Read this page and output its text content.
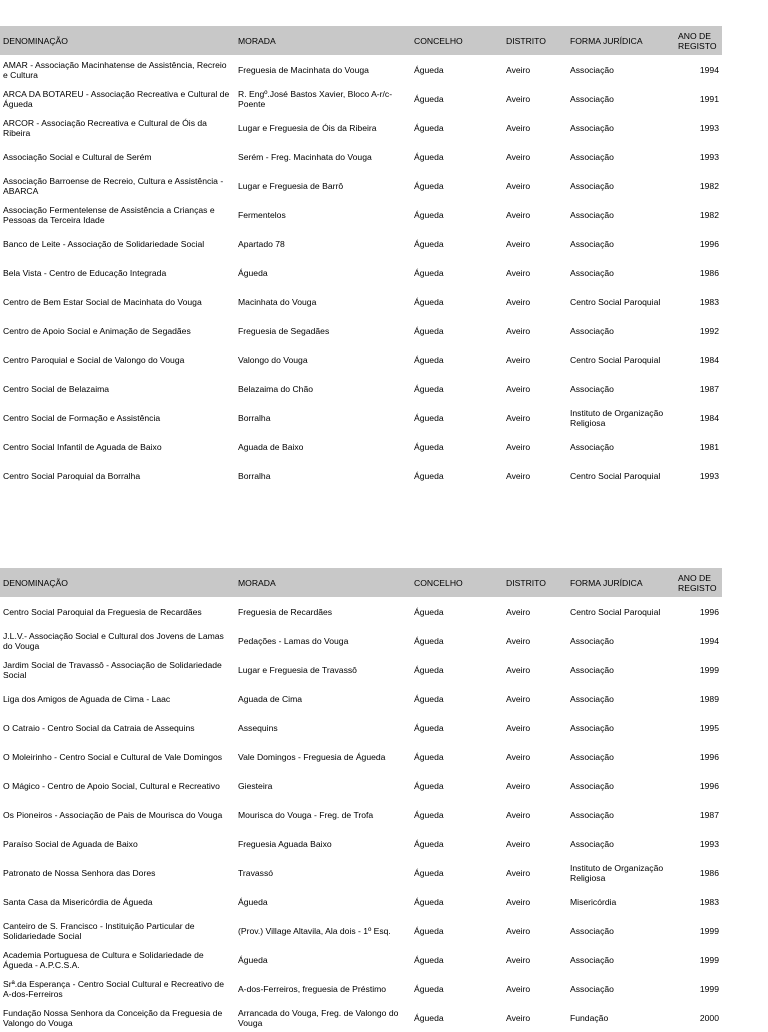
DENOMINAÇÃO	MORADA	CONCELHO	DISTRITO	FORMA JURÍDICA	ANO DE REGISTO
AMAR - Associação Macinhatense de Assistência, Recreio e Cultura	Freguesia de Macinhata do Vouga	Águeda	Aveiro	Associação	1994
ARCA DA BOTAREU - Associação Recreativa e Cultural de Águeda	R. Engº.José Bastos Xavier, Bloco A-r/c-Poente	Águeda	Aveiro	Associação	1991
ARCOR - Associação Recreativa e Cultural de Óis da Ribeira	Lugar e Freguesia de Óis da Ribeira	Águeda	Aveiro	Associação	1993
Associação Social e Cultural de Serém	Serém - Freg. Macinhata do Vouga	Águeda	Aveiro	Associação	1993
Associação Barroense de Recreio, Cultura e Assistência - ABARCA	Lugar e Freguesia de Barrô	Águeda	Aveiro	Associação	1982
Associação Fermentelense de Assistência a Crianças e Pessoas da Terceira Idade	Fermentelos	Águeda	Aveiro	Associação	1982
Banco de Leite - Associação de Solidariedade Social	Apartado 78	Águeda	Aveiro	Associação	1996
Bela Vista - Centro de Educação Integrada	Águeda	Águeda	Aveiro	Associação	1986
Centro de Bem Estar Social de Macinhata do Vouga	Macinhata do Vouga	Águeda	Aveiro	Centro Social Paroquial	1983
Centro de Apoio Social e Animação de Segadães	Freguesia de Segadães	Águeda	Aveiro	Associação	1992
Centro Paroquial e Social de Valongo do Vouga	Valongo do Vouga	Águeda	Aveiro	Centro Social Paroquial	1984
Centro Social de Belazaima	Belazaima do Chão	Águeda	Aveiro	Associação	1987
Centro Social de Formação e Assistência	Borralha	Águeda	Aveiro	Instituto de Organização Religiosa	1984
Centro Social Infantil de Aguada de Baixo	Aguada de Baixo	Águeda	Aveiro	Associação	1981
Centro Social Paroquial da Borralha	Borralha	Águeda	Aveiro	Centro Social Paroquial	1993
DENOMINAÇÃO	MORADA	CONCELHO	DISTRITO	FORMA JURÍDICA	ANO DE REGISTO
Centro Social Paroquial da Freguesia de Recardães	Freguesia de Recardães	Águeda	Aveiro	Centro Social Paroquial	1996
J.L.V.- Associação Social e Cultural dos Jovens de Lamas do Vouga	Pedações - Lamas do Vouga	Águeda	Aveiro	Associação	1994
Jardim Social de Travassô - Associação de Solidariedade Social	Lugar e Freguesia de Travassô	Águeda	Aveiro	Associação	1999
Liga dos Amigos de Aguada de Cima - Laac	Aguada de Cima	Águeda	Aveiro	Associação	1989
O Catraio - Centro Social da Catraia de Assequins	Assequins	Águeda	Aveiro	Associação	1995
O Moleirinho - Centro Social e Cultural de Vale Domingos	Vale Domingos - Freguesia de Águeda	Águeda	Aveiro	Associação	1996
O Mágico - Centro de Apoio Social, Cultural e Recreativo	Giesteira	Águeda	Aveiro	Associação	1996
Os Pioneiros - Associação de Pais de Mourisca do Vouga	Mourisca do Vouga - Freg. de Trofa	Águeda	Aveiro	Associação	1987
Paraíso Social de Aguada de Baixo	Freguesia Aguada Baixo	Águeda	Aveiro	Associação	1993
Patronato de Nossa Senhora das Dores	Travassó	Águeda	Aveiro	Instituto de Organização Religiosa	1986
Santa Casa da Misericórdia de Águeda	Águeda	Águeda	Aveiro	Misericórdia	1983
Canteiro de S. Francisco - Instituição Particular de Solidariedade Social	(Prov.) Village Altavila, Ala dois - 1º Esq.	Águeda	Aveiro	Associação	1999
Academia Portuguesa de Cultura e Solidariedade de Águeda - A.P.C.S.A.	Águeda	Águeda	Aveiro	Associação	1999
Srª.da Esperança - Centro Social Cultural e Recreativo de A-dos-Ferreiros	A-dos-Ferreiros, freguesia de Préstimo	Águeda	Aveiro	Associação	1999
Fundação Nossa Senhora da Conceição da Freguesia de Valongo do Vouga	Arrancada do Vouga, Freg. de Valongo do Vouga	Águeda	Aveiro	Fundação	2000
